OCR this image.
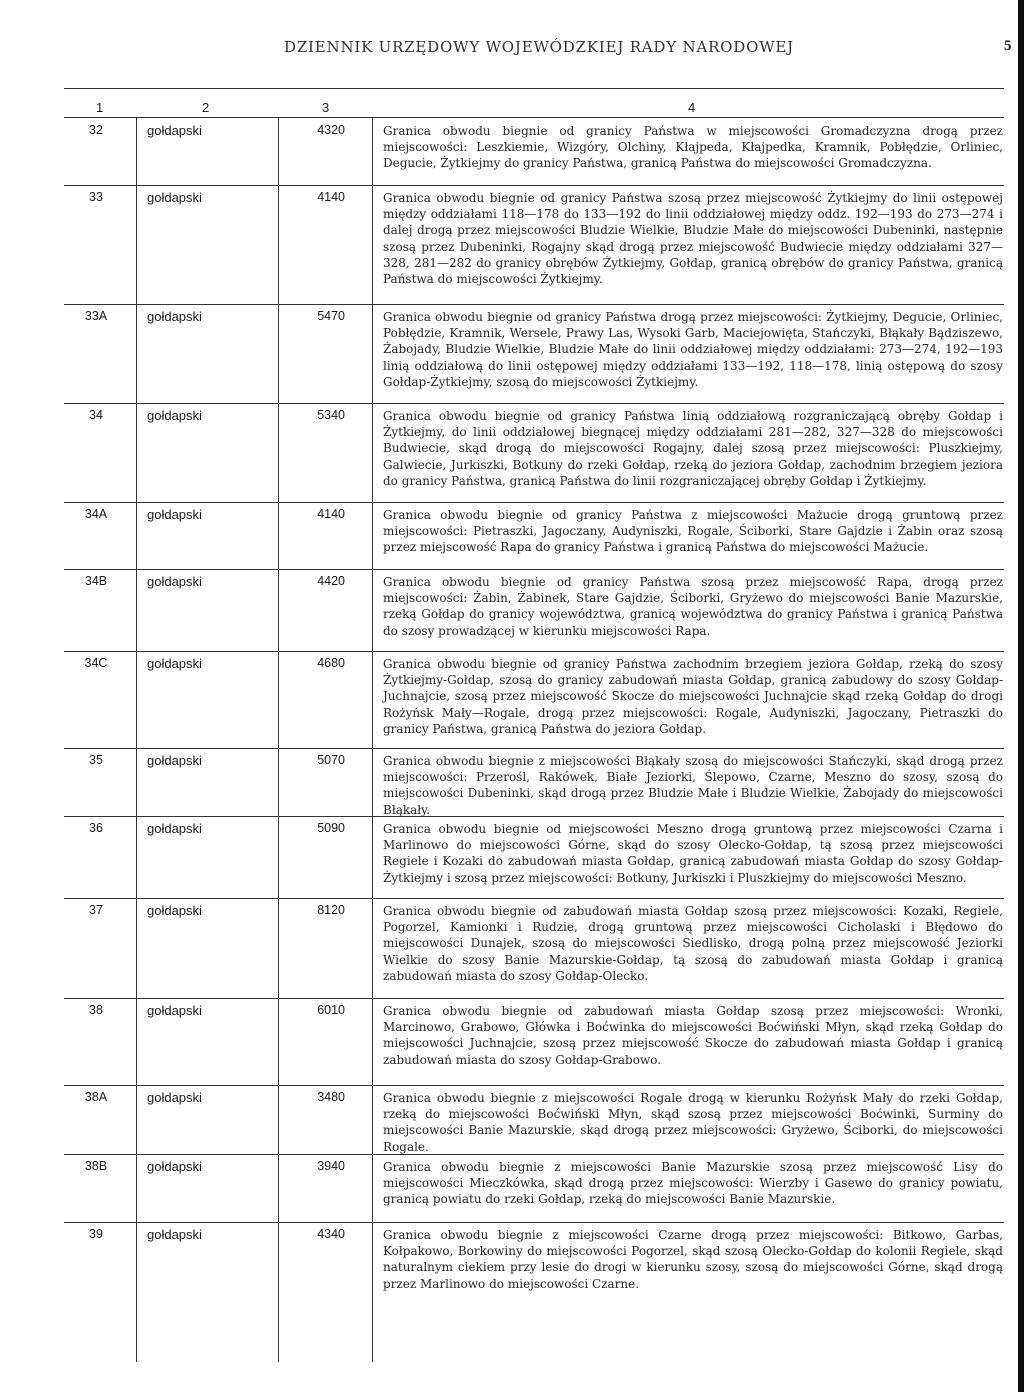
DZIENNIK URZĘDOWY WOJEWÓDZKIEJ RADY NARODOWEJ	5
1	2	3	4
32	gołdapski	4320	Granica obwodu biegnie od granicy Państwa w miejscowości Gromadczyzna drogą przez miejscowości: Leszkiemie, Wizgóry, Olchiny, Kłajpeda, Kłajpedka, Kramnik, Pobłędzie, Orliniec, Degucie, Żytkiejmy do granicy Państwa, granicą Państwa do miejscowości Gromadczyzna.
33	gołdapski	4140	Granica obwodu biegnie od granicy Państwa szosą przez miejscowość Żytkiejmy do linii ostępowej między oddziałami 118—178 do 133—192 do linii oddziałowej między oddz. 192—193 do 273—274 i dalej drogą przez miejscowości Bludzie Wielkie, Bludzie Małe do miejscowości Dubeninki, następnie szosą przez Dubeninki, Rogajny skąd drogą przez miejscowość Budwiecie między oddziałami 327—328, 281—282 do granicy obrębów Żytkiejmy, Gołdap, granicą obrębów do granicy Państwa, granicą Państwa do miejscowości Żytkiejmy.
33A	gołdapski	5470	Granica obwodu biegnie od granicy Państwa drogą przez miejscowości: Żytkiejmy, Degucie, Orliniec, Pobłędzie, Kramnik, Wersele, Prawy Las, Wysoki Garb, Maciejowięta, Stańczyki, Błąkały Bądziszewo, Żabojady, Bludzie Wielkie, Bludzie Małe do linii oddziałowej między oddziałami: 273—274, 192—193 linią oddziałową do linii ostępowej między oddziałami 133—192, 118—178, linią ostępową do szosy Gołdap-Żytkiejmy, szosą do miejscowości Żytkiejmy.
34	gołdapski	5340	Granica obwodu biegnie od granicy Państwa linią oddziałową rozgraniczającą obręby Gołdap i Żytkiejmy, do linii oddziałowej biegnącej między oddziałami 281—282, 327—328 do miejscowości Budwiecie, skąd drogą do miejscowości Rogajny, dalej szosą przez miejscowości: Pluszkiejmy, Galwiecie, Jurkiszki, Botkuny do rzeki Gołdap, rzeką do jeziora Gołdap, zachodnim brzegiem jeziora do granicy Państwa, granicą Państwa do linii rozgraniczającej obręby Gołdap i Żytkiejmy.
34A	gołdapski	4140	Granica obwodu biegnie od granicy Państwa z miejscowości Mażucie drogą gruntową przez miejscowości: Pietraszki, Jagoczany, Audyniszki, Rogale, Ściborki, Stare Gajdzie i Żabin oraz szosą przez miejscowość Rapa do granicy Państwa i granicą Państwa do miejscowości Mażucie.
34B	gołdapski	4420	Granica obwodu biegnie od granicy Państwa szosą przez miejscowość Rapa, drogą przez miejscowości: Żabin, Żabinek, Stare Gajdzie, Ściborki, Gryżewo do miejscowości Banie Mazurskie, rzeką Gołdap do granicy województwa, granicą województwa do granicy Państwa i granicą Państwa do szosy prowadzącej w kierunku miejscowości Rapa.
34C	gołdapski	4680	Granica obwodu biegnie od granicy Państwa zachodnim brzegiem jeziora Gołdap, rzeką do szosy Żytkiejmy-Gołdap, szosą do granicy zabudowań miasta Gołdap, granicą zabudowy do szosy Gołdap-Juchnajcie, szosą przez miejscowość Skocze do miejscowości Juchnajcie skąd rzeką Gołdap do drogi Rożyńsk Mały—Rogale, drogą przez miejscowości: Rogale, Audyniszki, Jagoczany, Pietraszki do granicy Państwa, granicą Państwa do jeziora Gołdap.
35	gołdapski	5070	Granica obwodu biegnie z miejscowości Błąkały szosą do miejscowości Stańczyki, skąd drogą przez miejscowości: Przerośl, Rakówek, Białe Jeziorki, Ślepowo, Czarne, Meszno do szosy, szosą do miejscowości Dubeninki, skąd drogą przez Bludzie Małe i Bludzie Wielkie, Żabojady do miejscowości Błąkały.
36	gołdapski	5090	Granica obwodu biegnie od miejscowości Meszno drogą gruntową przez miejscowości Czarna i Marlinowo do miejscowości Górne, skąd do szosy Olecko-Gołdap, tą szosą przez miejscowości Regiele i Kozaki do zabudowań miasta Gołdap, granicą zabudowań miasta Gołdap do szosy Gołdap-Żytkiejmy i szosą przez miejscowości: Botkuny, Jurkiszki i Pluszkiejmy do miejscowości Meszno.
37	gołdapski	8120	Granica obwodu biegnie od zabudowań miasta Gołdap szosą przez miejscowości: Kozaki, Regiele, Pogorzel, Kamionki i Rudzie, drogą gruntową przez miejscowości Cicholaski i Błędowo do miejscowości Dunajek, szosą do miejscowości Siedlisko, drogą polną przez miejscowość Jeziorki Wielkie do szosy Banie Mazurskie-Gołdap, tą szosą do zabudowań miasta Gołdap i granicą zabudowań miasta do szosy Gołdap-Olecko.
38	gołdapski	6010	Granica obwodu biegnie od zabudowań miasta Gołdap szosą przez miejscowości: Wronki, Marcinowo, Grabowo, Główka i Boćwinka do miejscowości Boćwiński Młyn, skąd rzeką Gołdap do miejscowości Juchnajcie, szosą przez miejscowość Skocze do zabudowań miasta Gołdap i granicą zabudowań miasta do szosy Gołdap-Grabowo.
38A	gołdapski	3480	Granica obwodu biegnie z miejscowości Rogale drogą w kierunku Rożyńsk Mały do rzeki Gołdap, rzeką do miejscowości Boćwiński Młyn, skąd szosą przez miejscowości Boćwinki, Surminy do miejscowości Banie Mazurskie, skąd drogą przez miejscowości: Gryżewo, Ściborki, do miejscowości Rogale.
38B	gołdapski	3940	Granica obwodu biegnie z miejscowości Banie Mazurskie szosą przez miejscowość Lisy do miejscowości Mieczkówka, skąd drogą przez miejscowości: Wierzby i Gasewo do granicy powiatu, granicą powiatu do rzeki Gołdap, rzeką do miejscowości Banie Mazurskie.
39	gołdapski	4340	Granica obwodu biegnie z miejscowości Czarne drogą przez miejscowości: Bitkowo, Garbas, Kołpakowo, Borkowiny do miejscowości Pogorzel, skąd szosą Olecko-Gołdap do kolonii Regiele, skąd naturalnym ciekiem przy lesie do drogi w kierunku szosy, szosą do miejscowości Górne, skąd drogą przez Marlinowo do miejscowości Czarne.
